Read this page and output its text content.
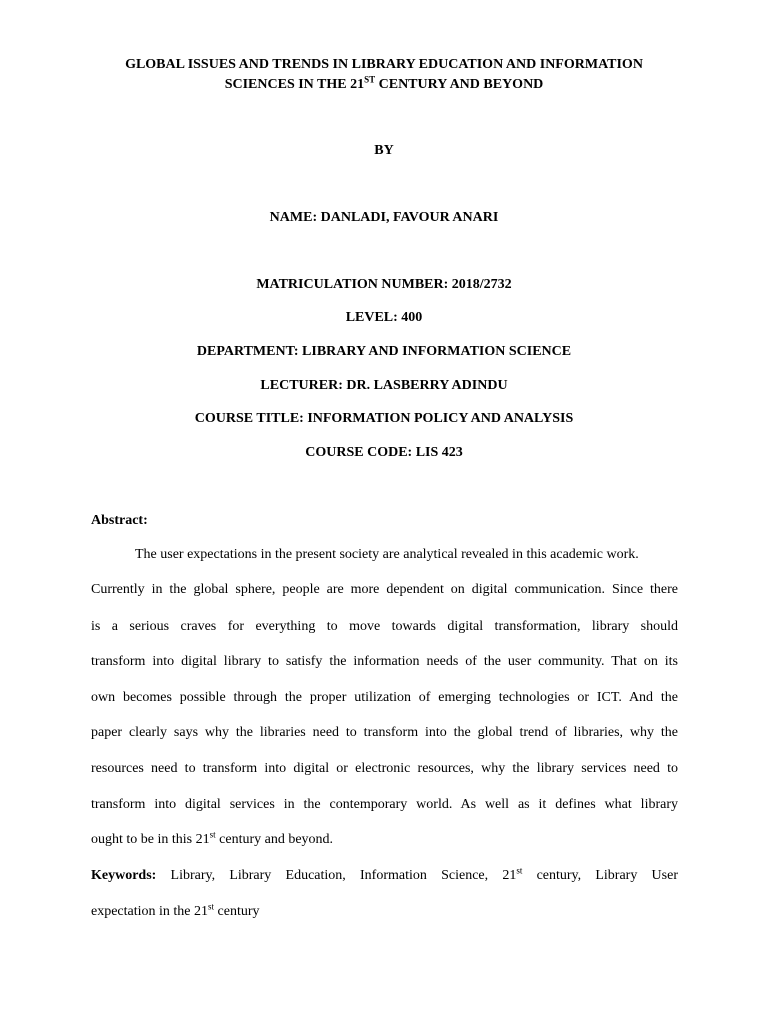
GLOBAL ISSUES AND TRENDS IN LIBRARY EDUCATION AND INFORMATION
SCIENCES IN THE 21ST CENTURY AND BEYOND
BY
NAME: DANLADI, FAVOUR ANARI
MATRICULATION NUMBER: 2018/2732
LEVEL: 400
DEPARTMENT: LIBRARY AND INFORMATION SCIENCE
LECTURER: DR. LASBERRY ADINDU
COURSE TITLE: INFORMATION POLICY AND ANALYSIS
COURSE CODE: LIS 423
Abstract:
The user expectations in the present society are analytical revealed in this academic work.
Currently in the global sphere, people are more dependent on digital communication. Since there
is a serious craves for everything to move towards digital transformation, library should
transform into digital library to satisfy the information needs of the user community. That on its
own becomes possible through the proper utilization of emerging technologies or ICT. And the
paper clearly says why the libraries need to transform into the global trend of libraries, why the
resources need to transform into digital or electronic resources, why the library services need to
transform into digital services in the contemporary world. As well as it defines what library
ought to be in this 21st century and beyond.
Keywords: Library, Library Education, Information Science, 21st century, Library User
expectation in the 21st century
